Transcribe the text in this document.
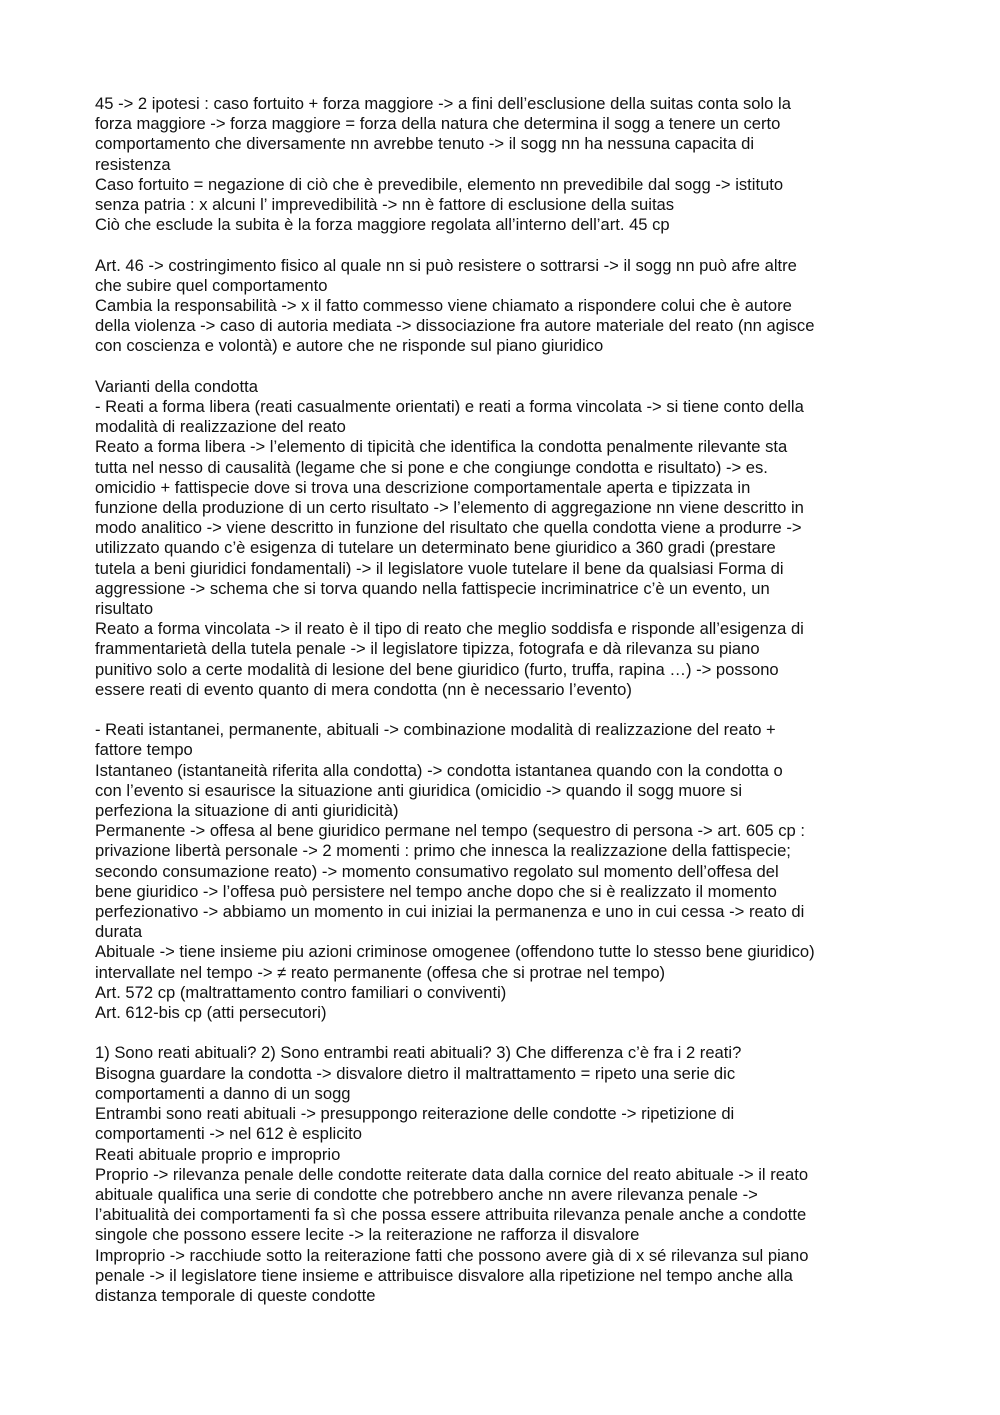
45 -> 2 ipotesi : caso fortuito + forza maggiore -> a fini dell’esclusione della suitas conta solo la
forza maggiore -> forza maggiore = forza della natura che determina il sogg a tenere un certo
comportamento che diversamente nn avrebbe tenuto -> il sogg nn ha nessuna capacita di
resistenza
Caso fortuito = negazione di ciò che è prevedibile, elemento nn prevedibile dal sogg -> istituto
senza patria : x alcuni l’ imprevedibilità -> nn è fattore di esclusione della suitas
Ciò che esclude la subita è la forza maggiore regolata all’interno dell’art. 45 cp
Art. 46 -> costringimento fisico al quale nn si può resistere o sottrarsi -> il sogg nn può afre altre
che subire quel comportamento
Cambia la responsabilità -> x il fatto commesso viene chiamato a rispondere colui che è autore
della violenza -> caso di autoria mediata -> dissociazione fra autore materiale del reato (nn agisce
con coscienza e volontà) e autore che ne risponde sul piano giuridico
Varianti della condotta
- Reati a forma libera (reati casualmente orientati) e reati a forma vincolata -> si tiene conto della
modalità di realizzazione del reato
Reato a forma libera -> l’elemento di tipicità che identifica la condotta penalmente rilevante sta
tutta nel nesso di causalità (legame che si pone e che congiunge condotta e risultato) -> es.
omicidio + fattispecie dove si trova una descrizione comportamentale aperta e tipizzata in
funzione della produzione di un certo risultato -> l’elemento di aggregazione nn viene descritto in
modo analitico -> viene descritto in funzione del risultato che quella condotta viene a produrre ->
utilizzato quando c’è esigenza di tutelare un determinato bene giuridico a 360 gradi (prestare
tutela a beni giuridici fondamentali) -> il legislatore vuole tutelare il bene da qualsiasi Forma di
aggressione -> schema che si torva quando nella fattispecie incriminatrice c’è un evento, un
risultato
Reato a forma vincolata -> il reato è il tipo di reato che meglio soddisfa e risponde all’esigenza di
frammentarietà della tutela penale -> il legislatore tipizza, fotografa e dà rilevanza su piano
punitivo solo a certe modalità di lesione del bene giuridico (furto, truffa, rapina …) -> possono
essere reati di evento quanto di mera condotta (nn è necessario l’evento)
- Reati istantanei, permanente, abituali -> combinazione modalità di realizzazione del reato +
fattore tempo
Istantaneo (istantaneità riferita alla condotta) -> condotta istantanea quando con la condotta o
con l’evento si esaurisce la situazione anti giuridica (omicidio -> quando il sogg muore si
perfeziona la situazione di anti giuridicità)
Permanente -> offesa al bene giuridico permane nel tempo (sequestro di persona -> art. 605 cp :
privazione libertà personale -> 2 momenti : primo che innesca la realizzazione della fattispecie;
secondo consumazione reato) -> momento consumativo regolato sul momento dell’offesa del
bene giuridico -> l’offesa può persistere nel tempo anche dopo che si è realizzato il momento
perfezionativo -> abbiamo un momento in cui iniziai la permanenza e uno in cui cessa -> reato di
durata
Abituale -> tiene insieme piu azioni criminose omogenee (offendono tutte lo stesso bene giuridico)
intervallate nel tempo -> ≠ reato permanente (offesa che si protrae nel tempo)
Art. 572 cp (maltrattamento contro familiari o conviventi)
Art. 612-bis cp (atti persecutori)
1) Sono reati abituali? 2) Sono entrambi reati abituali? 3) Che differenza c’è fra i 2 reati?
Bisogna guardare la condotta -> disvalore dietro il maltrattamento = ripeto una serie dic
comportamenti a danno di un sogg
Entrambi sono reati abituali -> presuppongo reiterazione delle condotte -> ripetizione di
comportamenti -> nel 612 è esplicito
Reati abituale proprio e improprio
Proprio -> rilevanza penale delle condotte reiterate data dalla cornice del reato abituale -> il reato
abituale qualifica una serie di condotte che potrebbero anche nn avere rilevanza penale ->
l’abitualità dei comportamenti fa sì che possa essere attribuita rilevanza penale anche a condotte
singole che possono essere lecite -> la reiterazione ne rafforza il disvalore
Improprio -> racchiude sotto la reiterazione fatti che possono avere già di x sé rilevanza sul piano
penale -> il legislatore tiene insieme e attribuisce disvalore alla ripetizione nel tempo anche alla
distanza temporale di queste condotte
